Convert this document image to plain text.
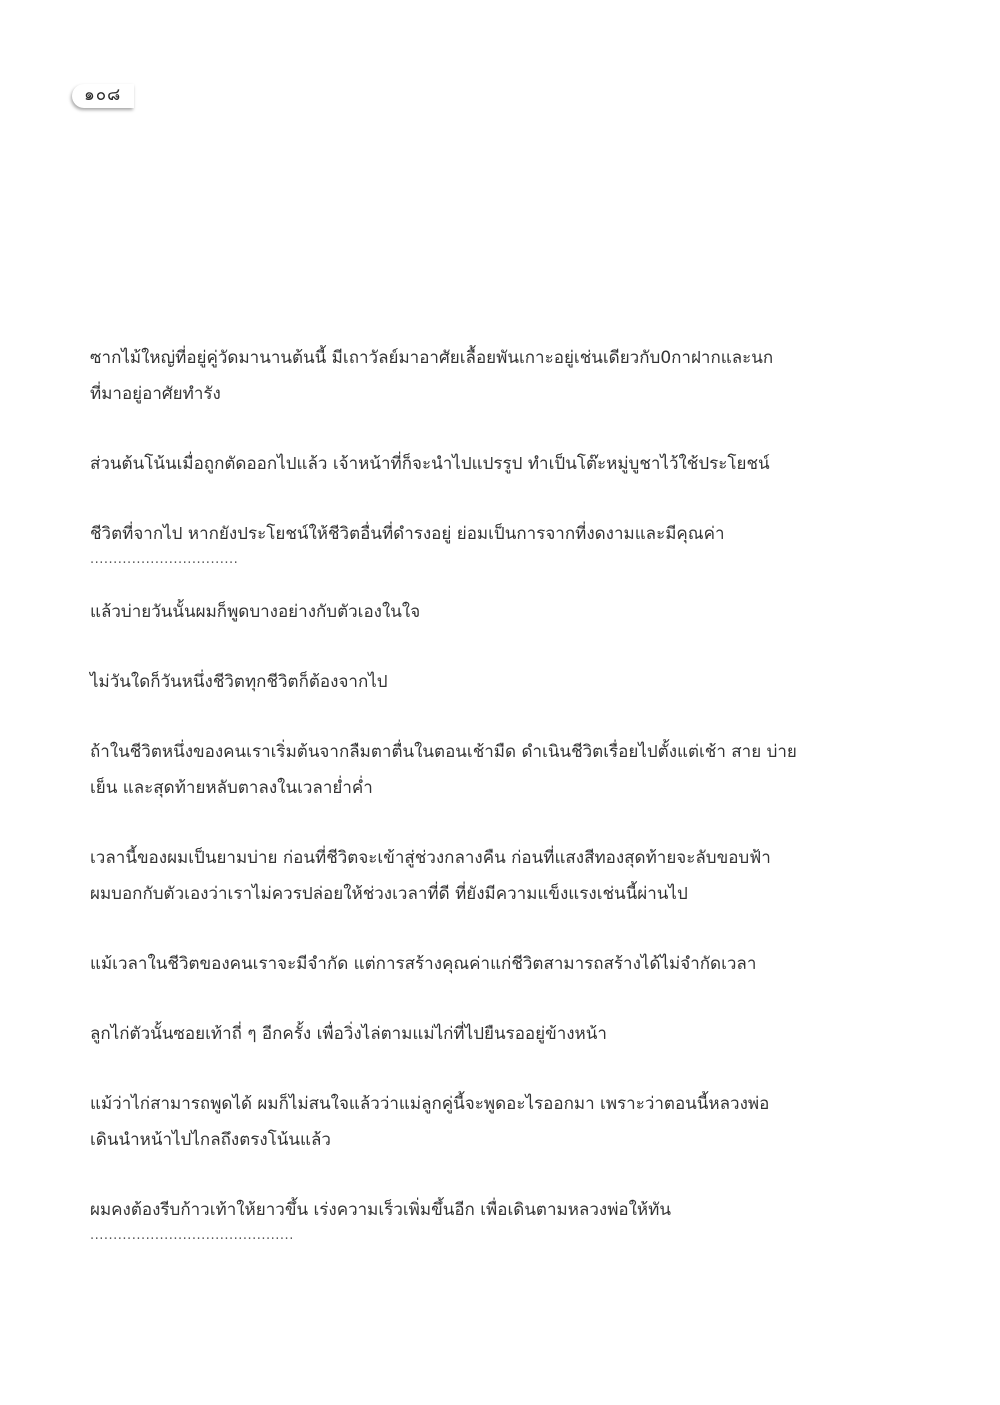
๑๐๘

ซากไม้ใหญ่ที่อยู่คู่วัดมานานต้นนี้ มีเถาวัลย์มาอาศัยเลื้อยพันเกาะอยู่เช่นเดียวกับ0กาฝากและนก
ที่มาอยู่อาศัยทำรัง

ส่วนต้นโน้นเมื่อถูกตัดออกไปแล้ว เจ้าหน้าที่ก็จะนำไปแปรรูป ทำเป็นโต๊ะหมู่บูชาไว้ใช้ประโยชน์

ชีวิตที่จากไป หากยังประโยชน์ให้ชีวิตอื่นที่ดำรงอยู่ ย่อมเป็นการจากที่งดงามและมีคุณค่า
................................

แล้วบ่ายวันนั้นผมก็พูดบางอย่างกับตัวเองในใจ

ไม่วันใดก็วันหนึ่งชีวิตทุกชีวิตก็ต้องจากไป

ถ้าในชีวิตหนึ่งของคนเราเริ่มต้นจากลืมตาตื่นในตอนเช้ามืด ดำเนินชีวิตเรื่อยไปตั้งแต่เช้า สาย บ่าย
เย็น และสุดท้ายหลับตาลงในเวลาย่ำค่ำ

เวลานี้ของผมเป็นยามบ่าย ก่อนที่ชีวิตจะเข้าสู่ช่วงกลางคืน ก่อนที่แสงสีทองสุดท้ายจะลับขอบฟ้า
ผมบอกกับตัวเองว่าเราไม่ควรปล่อยให้ช่วงเวลาที่ดี ที่ยังมีความแข็งแรงเช่นนี้ผ่านไป

แม้เวลาในชีวิตของคนเราจะมีจำกัด แต่การสร้างคุณค่าแก่ชีวิตสามารถสร้างได้ไม่จำกัดเวลา

ลูกไก่ตัวนั้นซอยเท้าถี่ ๆ อีกครั้ง เพื่อวิ่งไล่ตามแม่ไก่ที่ไปยืนรออยู่ข้างหน้า

แม้ว่าไก่สามารถพูดได้ ผมก็ไม่สนใจแล้วว่าแม่ลูกคู่นี้จะพูดอะไรออกมา เพราะว่าตอนนี้หลวงพ่อ
เดินนำหน้าไปไกลถึงตรงโน้นแล้ว

ผมคงต้องรีบก้าวเท้าให้ยาวขึ้น เร่งความเร็วเพิ่มขึ้นอีก เพื่อเดินตามหลวงพ่อให้ทัน
............................................
